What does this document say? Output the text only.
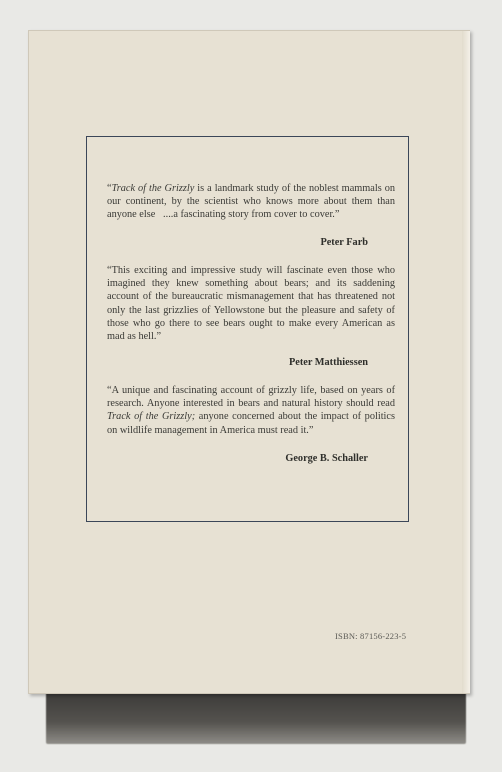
“Track of the Grizzly is a landmark study of the noblest mammals on our continent, by the scientist who knows more about them than anyone else  ....a fascinating story from cover to cover.”
Peter Farb
“This exciting and impressive study will fascinate even those who imagined they knew something about bears; and its saddening account of the bureaucratic mismanagement that has threatened not only the last grizzlies of Yellowstone but the pleasure and safety of those who go there to see bears ought to make every American as mad as hell.”
Peter Matthiessen
“A unique and fascinating account of grizzly life, based on years of research. Anyone interested in bears and natural history should read Track of the Grizzly; anyone concerned about the impact of politics on wildlife management in America must read it.”
George B. Schaller
ISBN: 87156-223-5
